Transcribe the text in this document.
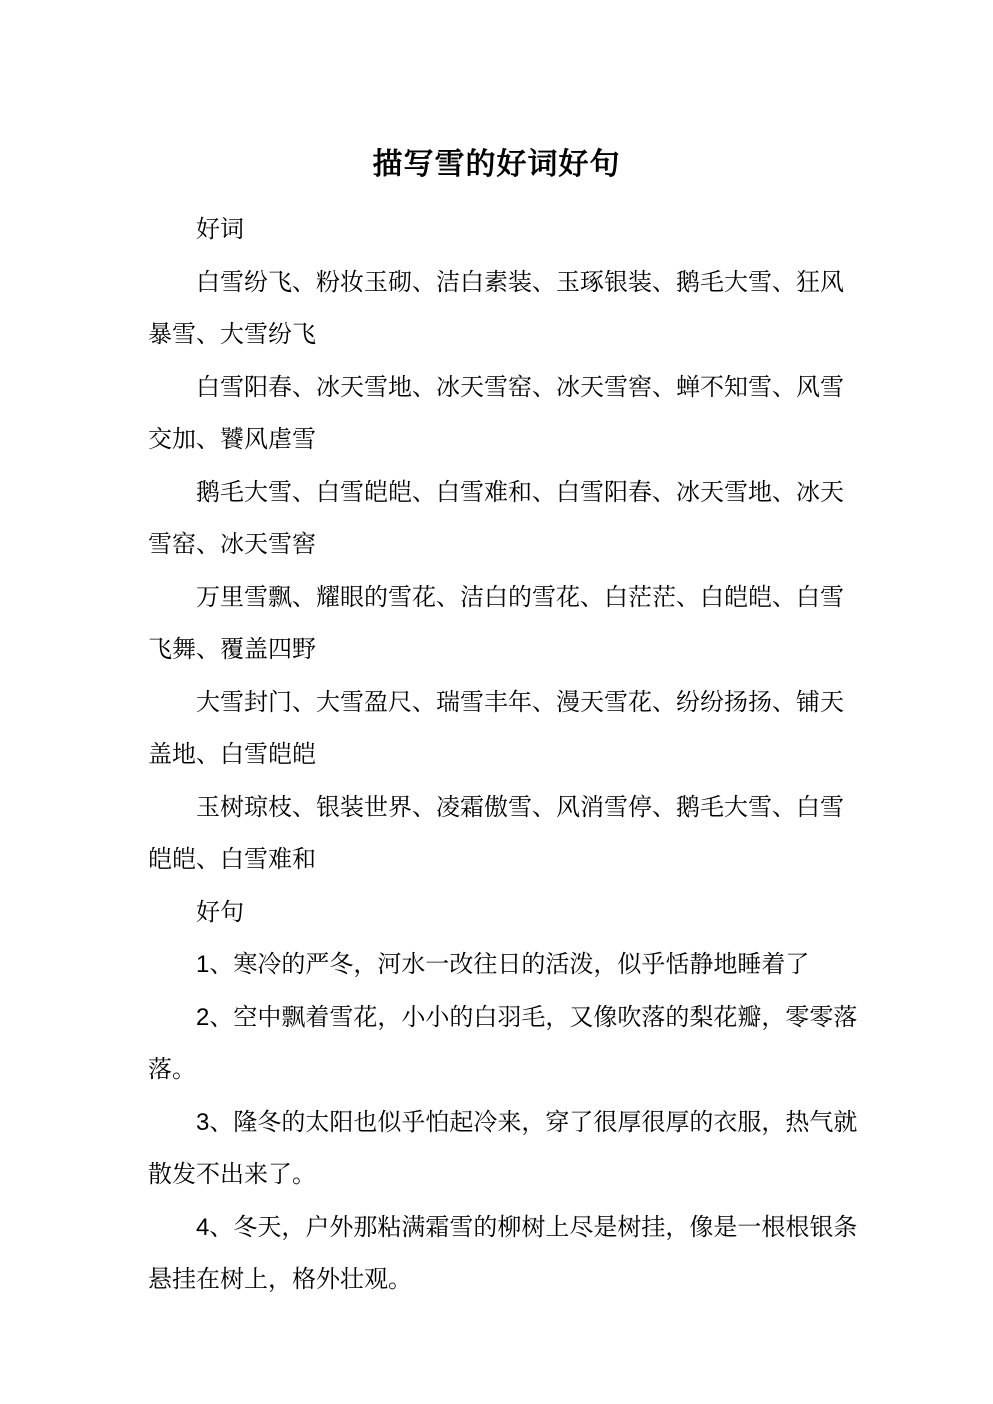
描写雪的好词好句

好词

白雪纷飞、粉妆玉砌、洁白素装、玉琢银装、鹅毛大雪、狂风暴雪、大雪纷飞

白雪阳春、冰天雪地、冰天雪窑、冰天雪窖、蝉不知雪、风雪交加、饕风虐雪

鹅毛大雪、白雪皑皑、白雪难和、白雪阳春、冰天雪地、冰天雪窑、冰天雪窖

万里雪飘、耀眼的雪花、洁白的雪花、白茫茫、白皑皑、白雪飞舞、覆盖四野

大雪封门、大雪盈尺、瑞雪丰年、漫天雪花、纷纷扬扬、铺天盖地、白雪皑皑

玉树琼枝、银装世界、凌霜傲雪、风消雪停、鹅毛大雪、白雪皑皑、白雪难和

好句

1、寒冷的严冬，河水一改往日的活泼，似乎恬静地睡着了

2、空中飘着雪花，小小的白羽毛，又像吹落的梨花瓣，零零落落。

3、隆冬的太阳也似乎怕起冷来，穿了很厚很厚的衣服，热气就散发不出来了。

4、冬天，户外那粘满霜雪的柳树上尽是树挂，像是一根根银条悬挂在树上，格外壮观。
